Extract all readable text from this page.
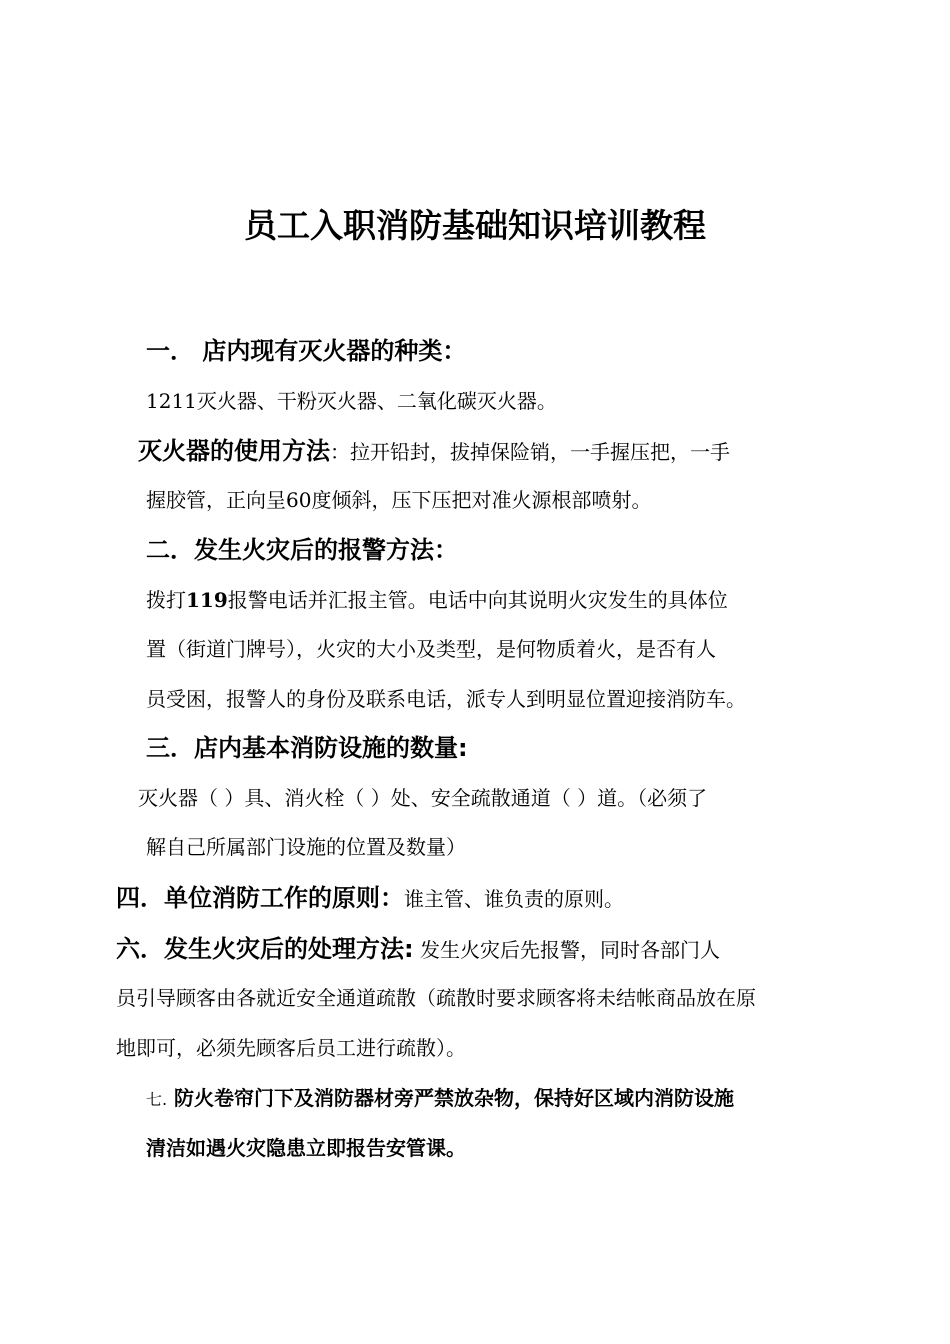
员工入职消防基础知识培训教程
一． 店内现有灭火器的种类：
1211灭火器、干粉灭火器、二氧化碳灭火器。
灭火器的使用方法：拉开铅封，拔掉保险销，一手握压把，一手
握胶管，正向呈60度倾斜，压下压把对准火源根部喷射。
二．发生火灾后的报警方法：
拨打119报警电话并汇报主管。电话中向其说明火灾发生的具体位
置（街道门牌号），火灾的大小及类型，是何物质着火，是否有人
员受困，报警人的身份及联系电话，派专人到明显位置迎接消防车。
三．店内基本消防设施的数量:
灭火器（ ）具、消火栓（ ）处、安全疏散通道（ ）道。（必须了
解自己所属部门设施的位置及数量）
四．单位消防工作的原则：谁主管、谁负责的原则。
六．发生火灾后的处理方法: 发生火灾后先报警，同时各部门人
员引导顾客由各就近安全通道疏散（疏散时要求顾客将未结帐商品放在原
地即可，必须先顾客后员工进行疏散）。
七. 防火卷帘门下及消防器材旁严禁放杂物，保持好区域内消防设施
清洁如遇火灾隐患立即报告安管课。
